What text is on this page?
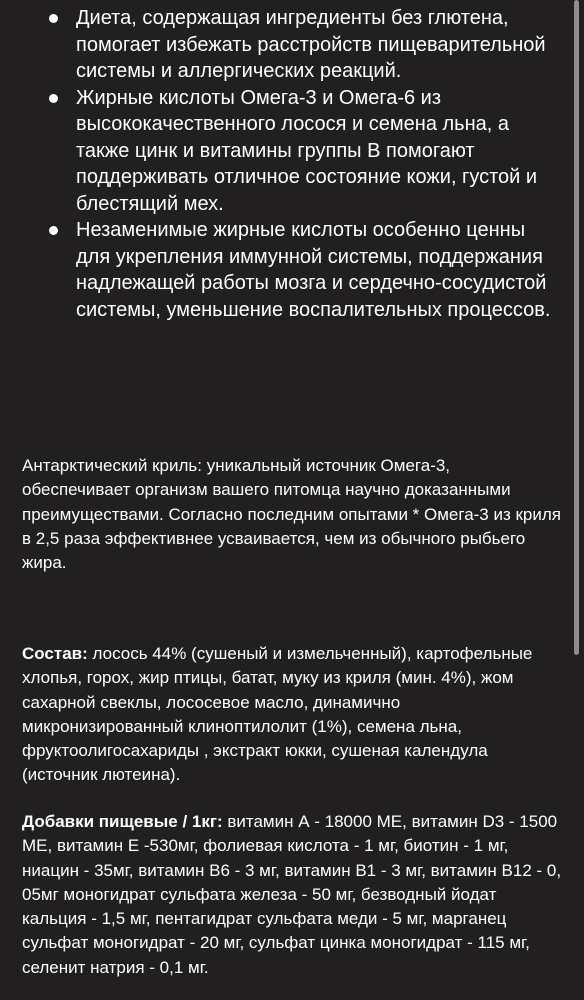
Диета, содержащая ингредиенты без глютена, помогает избежать расстройств пищеварительной системы и аллергических реакций.
Жирные кислоты Омега-3 и Омега-6 из высококачественного лосося и семена льна, а также цинк и витамины группы В помогают поддерживать отличное состояние кожи, густой и блестящий мех.
Незаменимые жирные кислоты особенно ценны для укрепления иммунной системы, поддержания надлежащей работы мозга и сердечно-сосудистой системы, уменьшение воспалительных процессов.

Антарктический криль: уникальный источник Омега-3, обеспечивает организм вашего питомца научно доказанными преимуществами. Согласно последним опытами * Омега-3 из криля в 2,5 раза эффективнее усваивается, чем из обычного рыбьего жира.

Состав: лосось 44% (сушеный и измельченный), картофельные хлопья, горох, жир птицы, батат, муку из криля (мин. 4%), жом сахарной свеклы, лососевое масло, динамично микронизированный клиноптилолит (1%), семена льна, фруктоолигосахариды , экстракт юкки, сушеная календула (источник лютеина).

Добавки пищевые / 1кг: витамин А - 18000 МЕ, витамин D3 - 1500 МЕ, витамин Е -530мг, фолиевая кислота - 1 мг, биотин - 1 мг, ниацин - 35мг, витамин В6 - 3 мг, витамин В1 - 3 мг, витамин В12 - 0, 05мг моногидрат сульфата железа - 50 мг, безводный йодат кальция - 1,5 мг, пентагидрат сульфата меди - 5 мг, марганец сульфат моногидрат - 20 мг, сульфат цинка моногидрат - 115 мг, селенит натрия - 0,1 мг.
